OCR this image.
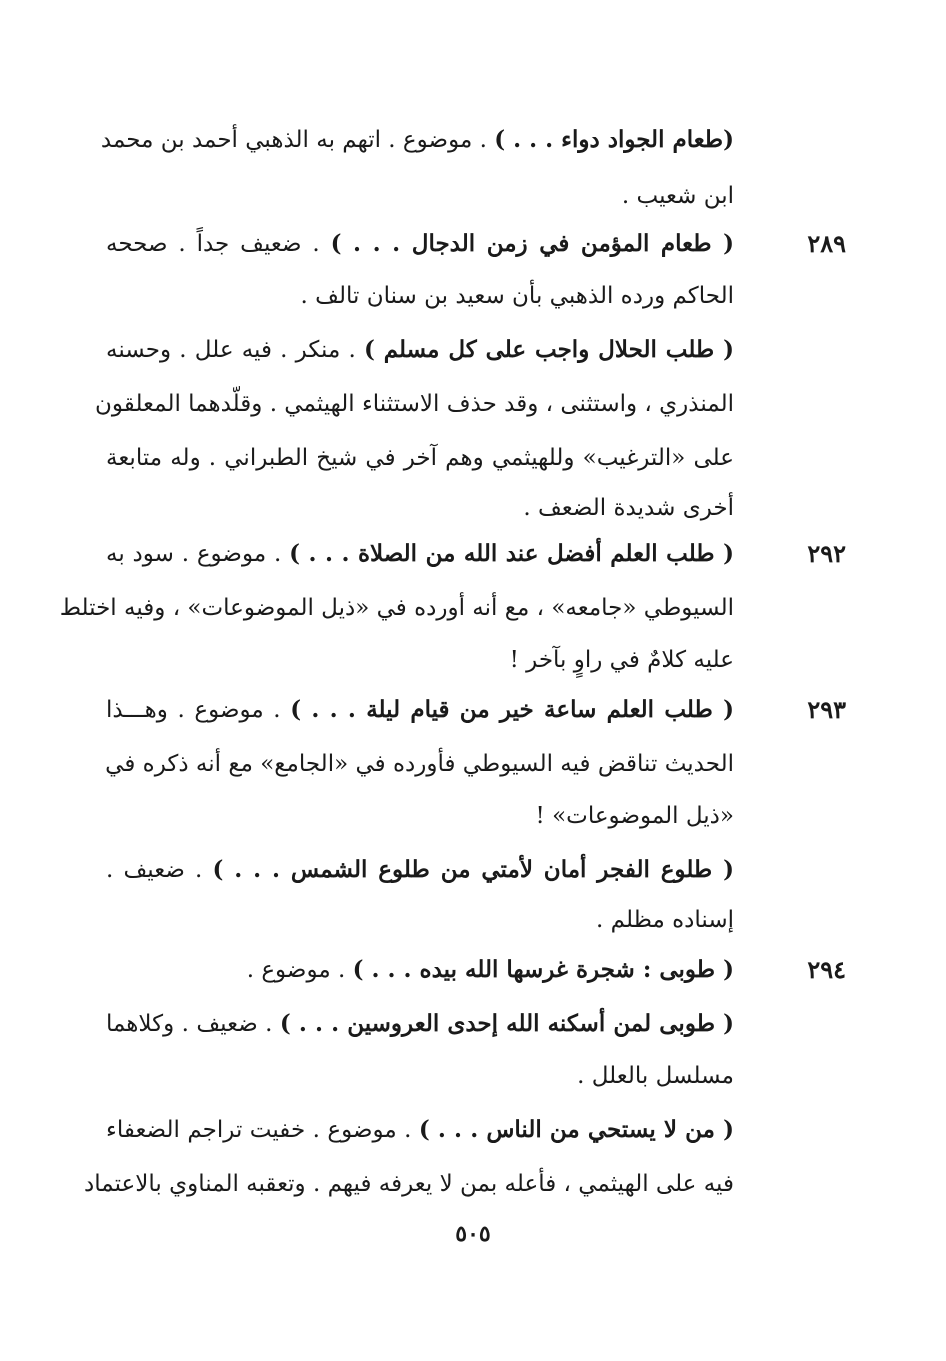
(طعام الجواد دواء . . . ) . موضوع . اتهم به الذهبي أحمد بن محمد
ابن شعيب .
٢٨٩
( طعام المؤمن في زمن الدجال . . . ) . ضعيف جداً . صححه
الحاكم ورده الذهبي بأن سعيد بن سنان تالف .
( طلب الحلال واجب على كل مسلم ) . منكر . فيه علل . وحسنه
المنذري ، واستثنى ، وقد حذف الاستثناء الهيثمي . وقلّدهما المعلقون
على «الترغيب» وللهيثمي وهم آخر في شيخ الطبراني . وله متابعة
أخرى شديدة الضعف .
٢٩٢
( طلب العلم أفضل عند الله من الصلاة . . . ) . موضوع . سود به
السيوطي «جامعه» ، مع أنه أورده في «ذيل الموضوعات» ، وفيه اختلط
عليه كلامٌ في راوٍ بآخر !
٢٩٣
( طلب العلم ساعة خير من قيام ليلة . . . ) . موضوع . وهـــذا
الحديث تناقض فيه السيوطي فأورده في «الجامع» مع أنه ذكره في
«ذيل الموضوعات» !
( طلوع الفجر أمان لأمتي من طلوع الشمس . . . ) . ضعيف .
إسناده مظلم .
٢٩٤
( طوبى : شجرة غرسها الله بيده . . . ) . موضوع .
( طوبى لمن أسكنه الله إحدى العروسين . . . ) . ضعيف . وكلاهما
مسلسل بالعلل .
( من لا يستحي من الناس . . . ) . موضوع . خفيت تراجم الضعفاء
فيه على الهيثمي ، فأعله بمن لا يعرفه فيهم . وتعقبه المناوي بالاعتماد
٥٠٥
